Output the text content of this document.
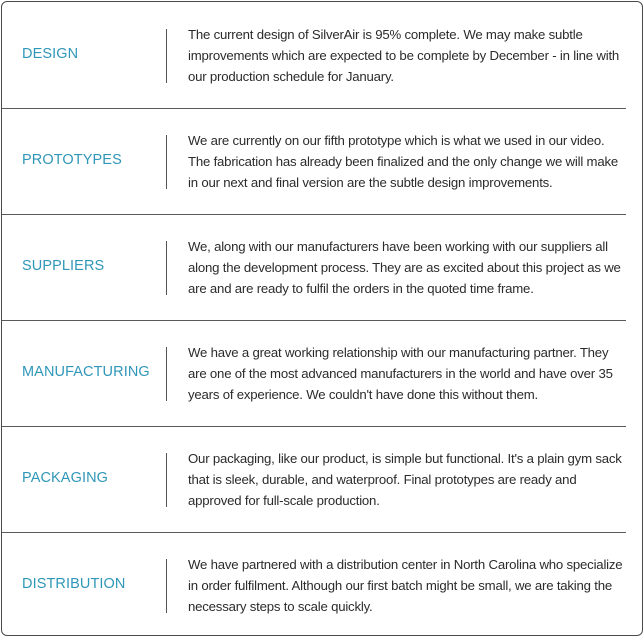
DESIGN
The current design of SilverAir is 95% complete. We may make subtle improvements which are expected to be complete by December - in line with our production schedule for January.
PROTOTYPES
We are currently on our fifth prototype which is what we used in our video. The fabrication has already been finalized and the only change we will make in our next and final version are the subtle design improvements.
SUPPLIERS
We, along with our manufacturers have been working with our suppliers all along the development process. They are as excited about this project as we are and are ready to fulfil the orders in the quoted time frame.
MANUFACTURING
We have a great working relationship with our manufacturing partner. They are one of the most advanced manufacturers in the world and have over 35 years of experience. We couldn't have done this without them.
PACKAGING
Our packaging, like our product, is simple but functional. It's a plain gym sack that is sleek, durable, and waterproof. Final prototypes are ready and approved for full-scale production.
DISTRIBUTION
We have partnered with a distribution center in North Carolina who specialize in order fulfilment. Although our first batch might be small, we are taking the necessary steps to scale quickly.
